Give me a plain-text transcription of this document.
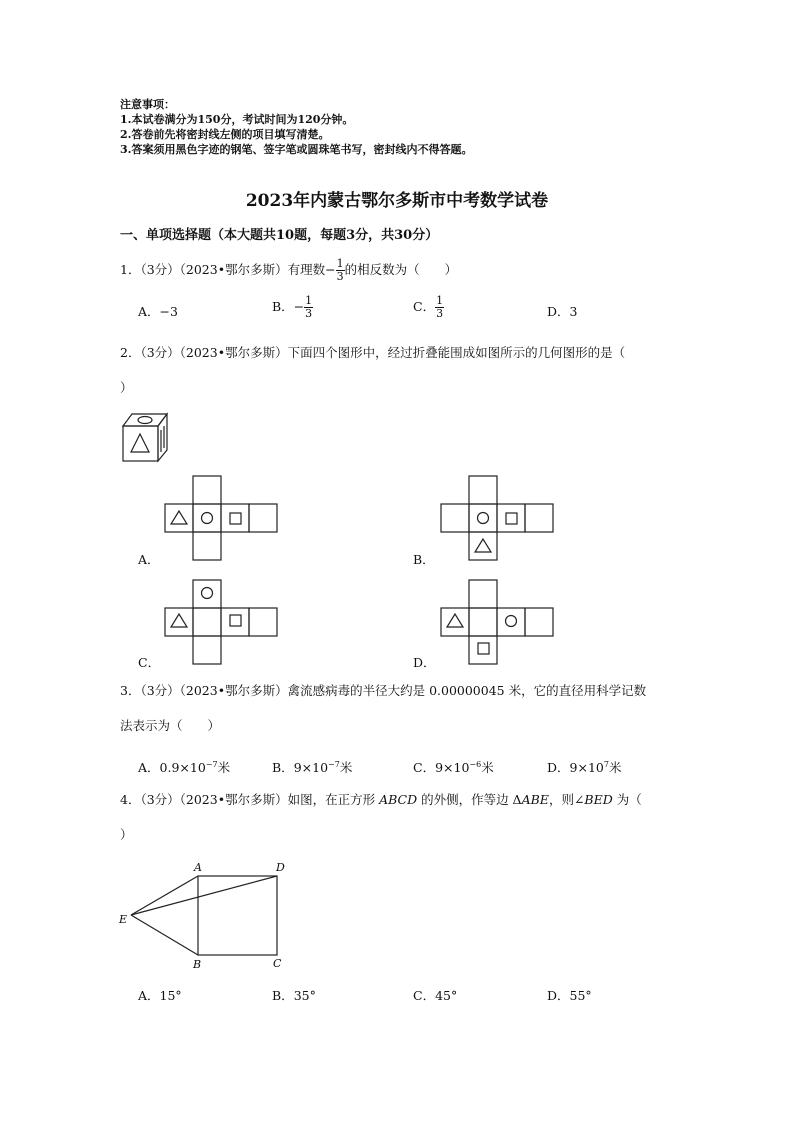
注意事项：
1.本试卷满分为150分，考试时间为120分钟。
2.答卷前先将密封线左侧的项目填写清楚。
3.答案须用黑色字迹的钢笔、签字笔或圆珠笔书写，密封线内不得答题。
2023年内蒙古鄂尔多斯市中考数学试卷
一、单项选择题（本大题共10题，每题3分，共30分）
1．（3分）（2023•鄂尔多斯）有理数− $\frac{1}{3}$ 的相反数为（　　）
A．−3	B．− $\frac{1}{3}$	C． $\frac{1}{3}$	D．3
2．（3分）（2023•鄂尔多斯）下面四个图形中，经过折叠能围成如图所示的几何图形的是（
）
A．	B．
C．	D．
3．（3分）（2023•鄂尔多斯）禽流感病毒的半径大约是 0.00000045 米，它的直径用科学记数
法表示为（　　）
A．$0.9\times 10^{-7}$米	B．$9\times 10^{-7}$米	C．$9\times 10^{-6}$米	D．$9\times 10^7$米
4．（3分）（2023•鄂尔多斯）如图，在正方形 ABCD 的外侧，作等边 ΔABE，则∠BED 为（
）
A	D
E
B	C
A．15°	B．35°	C．45°	D．55°
